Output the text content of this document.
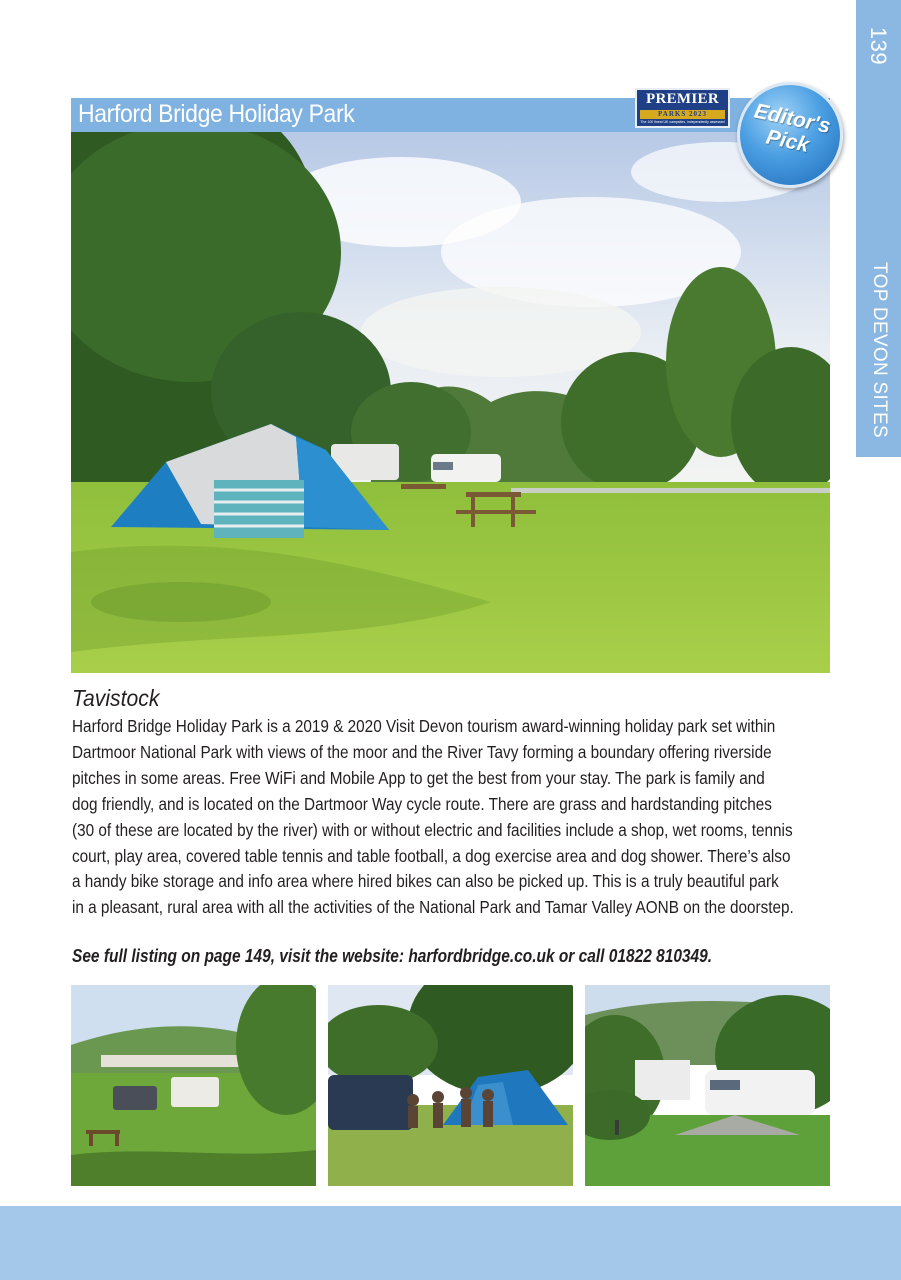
139
TOP DEVON SITES
Harford Bridge Holiday Park
PREMIER
PARKS 2023
The 100 finest UK campsites, independently assessed	Editor's Pick
Tavistock

Harford Bridge Holiday Park is a 2019 & 2020 Visit Devon tourism award-winning holiday park set within Dartmoor National Park with views of the moor and the River Tavy forming a boundary offering riverside pitches in some areas. Free WiFi and Mobile App to get the best from your stay. The park is family and dog friendly, and is located on the Dartmoor Way cycle route. There are grass and hardstanding pitches (30 of these are located by the river) with or without electric and facilities include a shop, wet rooms, tennis court, play area, covered table tennis and table football, a dog exercise area and dog shower. There’s also a handy bike storage and info area where hired bikes can also be picked up. This is a truly beautiful park in a pleasant, rural area with all the activities of the National Park and Tamar Valley AONB on the doorstep.

See full listing on page 149, visit the website: harfordbridge.co.uk or call 01822 810349.
